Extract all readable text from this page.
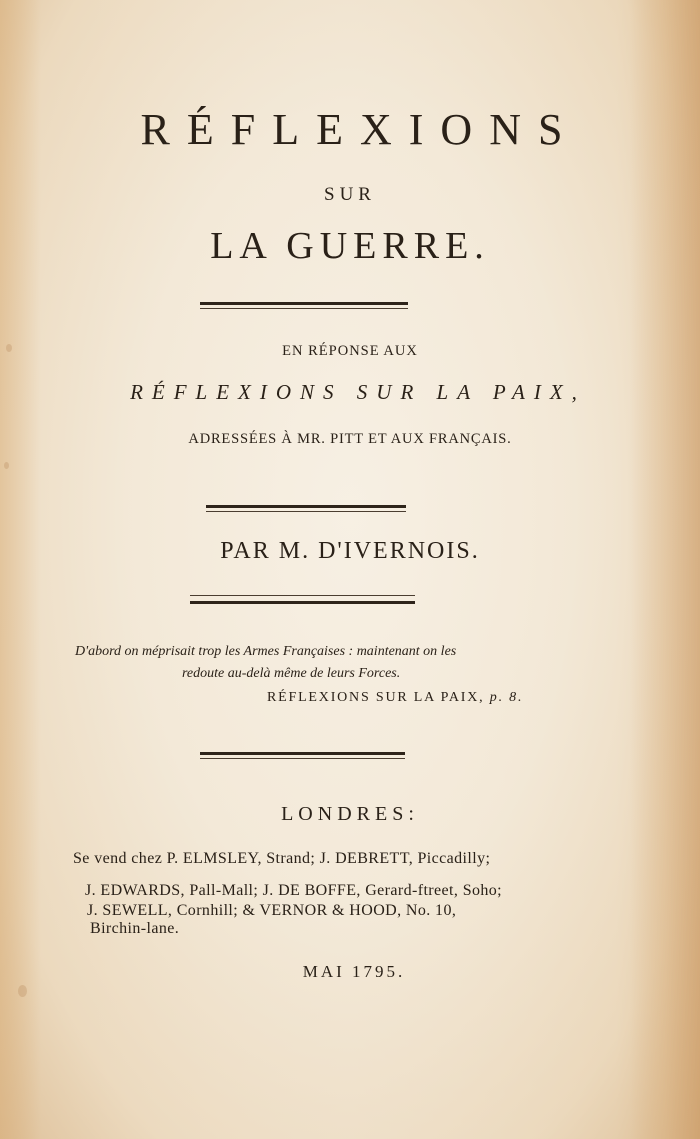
RÉFLEXIONS
SUR
LA GUERRE.
EN RÉPONSE AUX
RÉFLEXIONS SUR LA PAIX,
ADRESSÉES À MR. PITT ET AUX FRANÇAIS.
PAR M. D'IVERNOIS.
D'abord on méprisait trop les Armes Françaises : maintenant on les
redoute au-delà même de leurs Forces.
RÉFLEXIONS SUR LA PAIX, p. 8.
LONDRES:
Se vend chez P. ELMSLEY, Strand; J. DEBRETT, Piccadilly;
J. EDWARDS, Pall-Mall; J. DE BOFFE, Gerard-ftreet, Soho;
J. SEWELL, Cornhill; & VERNOR & HOOD, No. 10,
Birchin-lane.
MAI 1795.
